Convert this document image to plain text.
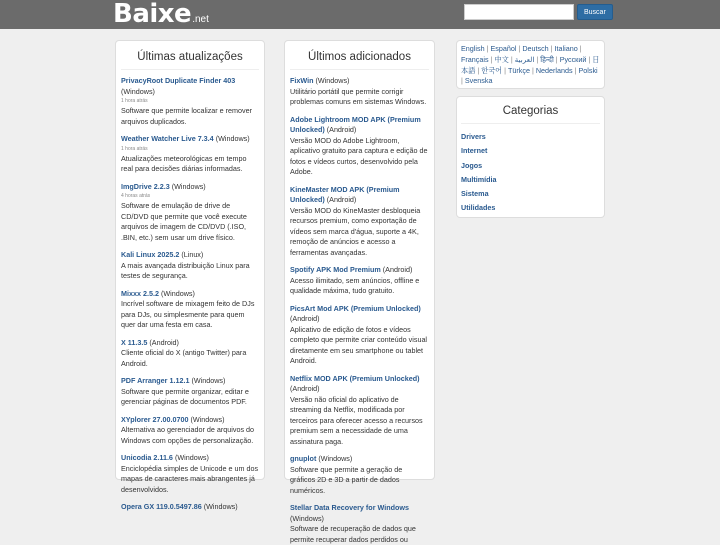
Baixe .net
Buscar
Últimas atualizações
PrivacyRoot Duplicate Finder 403 (Windows)
1 hora atrás
Software que permite localizar e remover arquivos duplicados.
Weather Watcher Live 7.3.4 (Windows)
1 hora atrás
Atualizações meteorológicas em tempo real para decisões diárias informadas.
ImgDrive 2.2.3 (Windows)
4 horas atrás
Software de emulação de drive de CD/DVD que permite que você execute arquivos de imagem de CD/DVD (.ISO, .BIN, etc.) sem usar um drive físico.
Kali Linux 2025.2 (Linux)
A mais avançada distribuição Linux para testes de segurança.
Mixxx 2.5.2 (Windows)
Incrível software de mixagem feito de DJs para DJs, ou simplesmente para quem quer dar uma festa em casa.
X 11.3.5 (Android)
Cliente oficial do X (antigo Twitter) para Android.
PDF Arranger 1.12.1 (Windows)
Software que permite organizar, editar e gerenciar páginas de documentos PDF.
XYplorer 27.00.0700 (Windows)
Alternativa ao gerenciador de arquivos do Windows com opções de personalização.
Unicodia 2.11.6 (Windows)
Enciclopédia simples de Unicode e um dos mapas de caracteres mais abrangentes já desenvolvidos.
Opera GX 119.0.5497.86 (Windows)
Últimos adicionados
FixWin (Windows)
Utilitário portátil que permite corrigir problemas comuns em sistemas Windows.
Adobe Lightroom MOD APK (Premium Unlocked) (Android)
Versão MOD do Adobe Lightroom, aplicativo gratuito para captura e edição de fotos e vídeos curtos, desenvolvido pela Adobe.
KineMaster MOD APK (Premium Unlocked) (Android)
Versão MOD do KineMaster desbloqueia recursos premium, como exportação de vídeos sem marca d'água, suporte a 4K, remoção de anúncios e acesso a ferramentas avançadas.
Spotify APK Mod Premium (Android)
Acesso ilimitado, sem anúncios, offline e qualidade máxima, tudo gratuito.
PicsArt Mod APK (Premium Unlocked) (Android)
Aplicativo de edição de fotos e vídeos completo que permite criar conteúdo visual diretamente em seu smartphone ou tablet Android.
Netflix MOD APK (Premium Unlocked) (Android)
Versão não oficial do aplicativo de streaming da Netflix, modificada por terceiros para oferecer acesso a recursos premium sem a necessidade de uma assinatura paga.
gnuplot (Windows)
Software que permite a geração de gráficos 2D e 3D a partir de dados numéricos.
Stellar Data Recovery for Windows (Windows)
Software de recuperação de dados que permite recuperar dados perdidos ou
English | Español | Deutsch | Italiano | Français | 中文 | العربية | हिन्दी | Русский | 日本語 | 한국어 | Türkçe | Nederlands | Polski | Svenska
Categorias
Drivers
Internet
Jogos
Multimídia
Sistema
Utilidades
